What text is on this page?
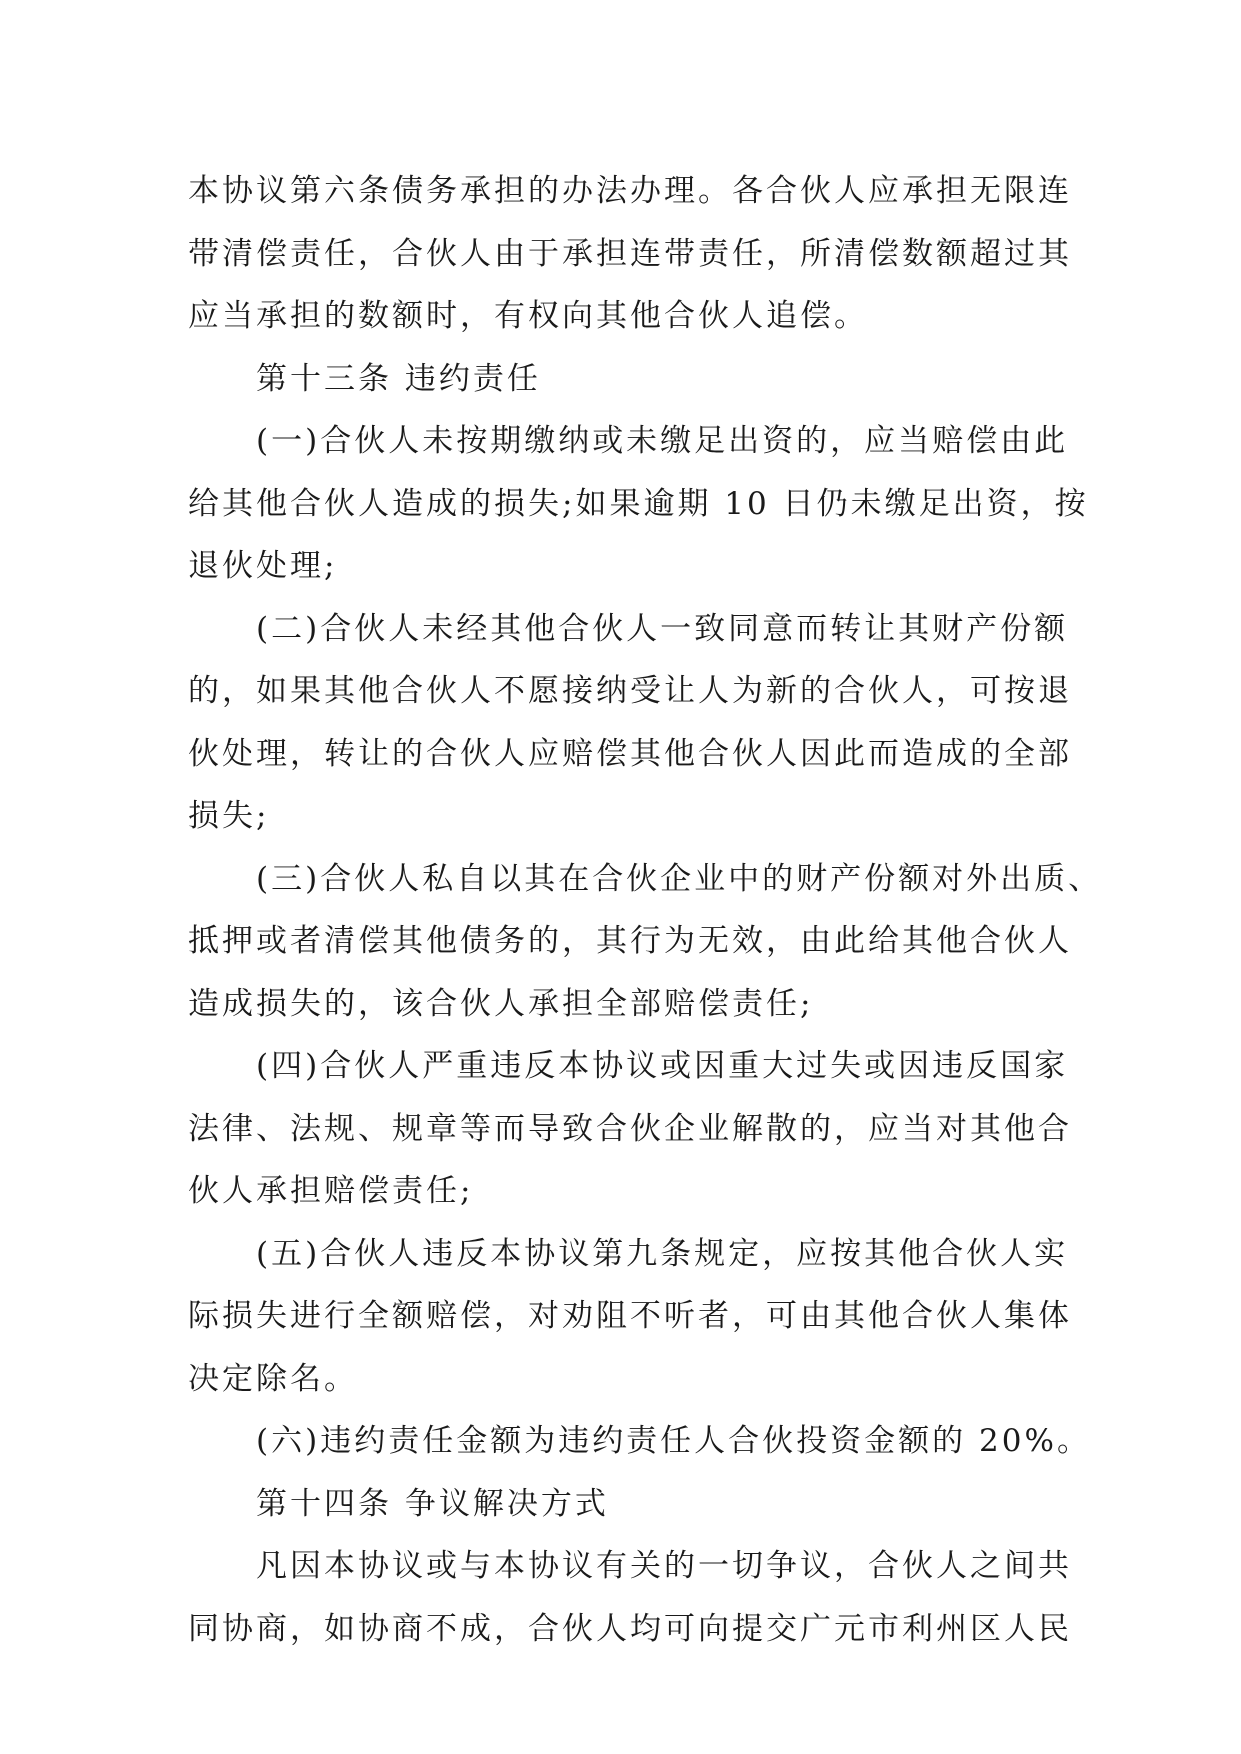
本协议第六条债务承担的办法办理。各合伙人应承担无限连
带清偿责任，合伙人由于承担连带责任，所清偿数额超过其
应当承担的数额时，有权向其他合伙人追偿。
第十三条 违约责任
(一)合伙人未按期缴纳或未缴足出资的，应当赔偿由此
给其他合伙人造成的损失;如果逾期 10 日仍未缴足出资，按
退伙处理;
(二)合伙人未经其他合伙人一致同意而转让其财产份额
的，如果其他合伙人不愿接纳受让人为新的合伙人，可按退
伙处理，转让的合伙人应赔偿其他合伙人因此而造成的全部
损失;
(三)合伙人私自以其在合伙企业中的财产份额对外出质、
抵押或者清偿其他债务的，其行为无效，由此给其他合伙人
造成损失的，该合伙人承担全部赔偿责任;
(四)合伙人严重违反本协议或因重大过失或因违反国家
法律、法规、规章等而导致合伙企业解散的，应当对其他合
伙人承担赔偿责任;
(五)合伙人违反本协议第九条规定，应按其他合伙人实
际损失进行全额赔偿，对劝阻不听者，可由其他合伙人集体
决定除名。
(六)违约责任金额为违约责任人合伙投资金额的 20%。
第十四条 争议解决方式
凡因本协议或与本协议有关的一切争议，合伙人之间共
同协商，如协商不成，合伙人均可向提交广元市利州区人民
